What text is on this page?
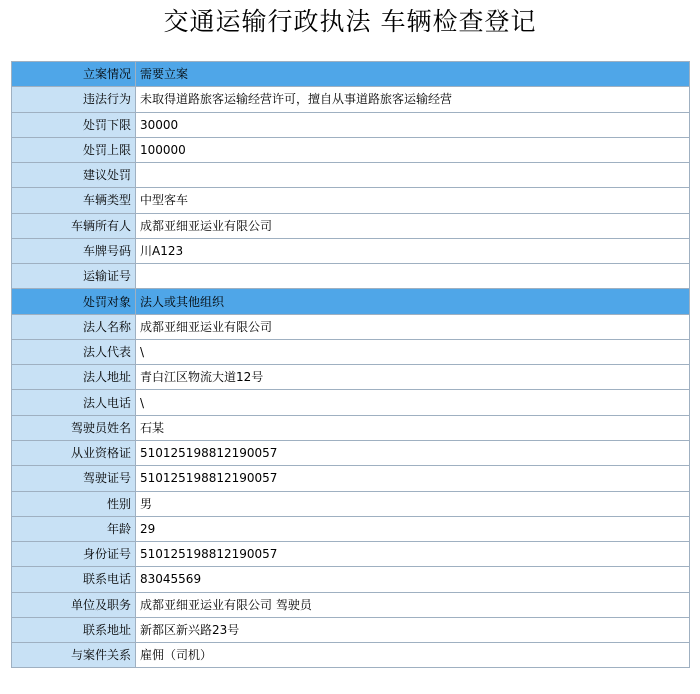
交通运输行政执法 车辆检查登记
立案情况	需要立案
违法行为	未取得道路旅客运输经营许可，擅自从事道路旅客运输经营
处罚下限	30000
处罚上限	100000
建议处罚	
车辆类型	中型客车
车辆所有人	成都亚细亚运业有限公司
车牌号码	川A123
运输证号	
处罚对象	法人或其他组织
法人名称	成都亚细亚运业有限公司
法人代表	\
法人地址	青白江区物流大道12号
法人电话	\
驾驶员姓名	石某
从业资格证	510125198812190057
驾驶证号	510125198812190057
性别	男
年龄	29
身份证号	510125198812190057
联系电话	83045569
单位及职务	成都亚细亚运业有限公司 驾驶员
联系地址	新都区新兴路23号
与案件关系	雇佣（司机）
